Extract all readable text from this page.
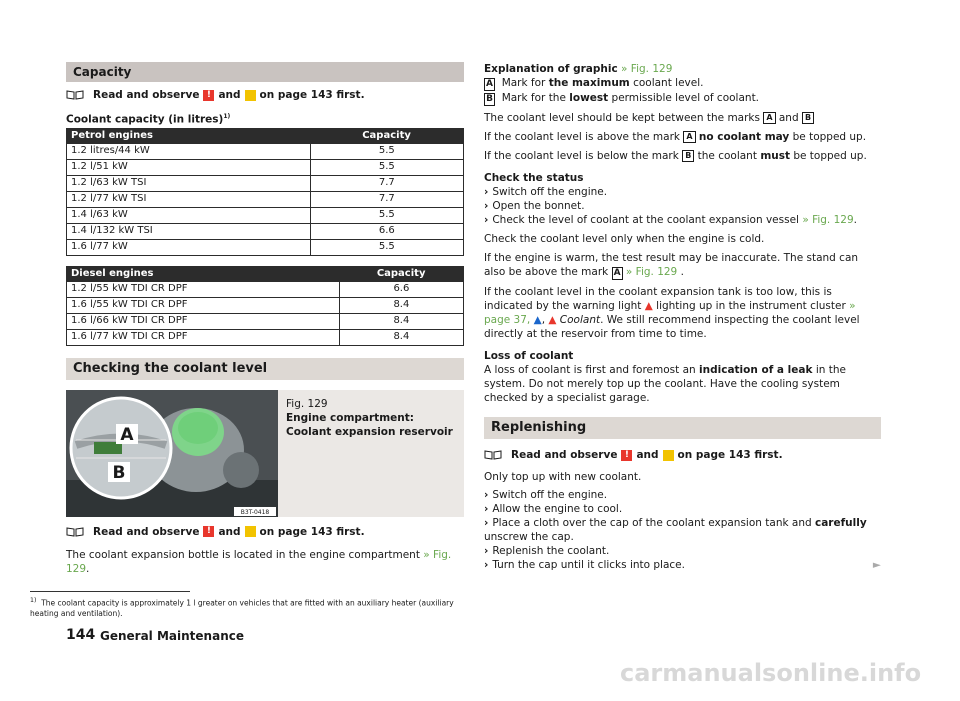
Capacity
Read and observe ! and on page 143 first.
Coolant capacity (in litres)$^{1)}$
Petrol engines	Capacity
1.2 litres/44 kW	5.5
1.2 l/51 kW	5.5
1.2 l/63 kW TSI	7.7
1.2 l/77 kW TSI	7.7
1.4 l/63 kW	5.5
1.4 l/132 kW TSI	6.6
1.6 l/77 kW	5.5
Diesel engines	Capacity
1.2 l/55 kW TDI CR DPF	6.6
1.6 l/55 kW TDI CR DPF	8.4
1.6 l/66 kW TDI CR DPF	8.4
1.6 l/77 kW TDI CR DPF	8.4
Checking the coolant level
A
B
B3T-0418
Fig. 129
Engine compartment: Coolant expansion reservoir
Read and observe ! and on page 143 first.

The coolant expansion bottle is located in the engine compartment » Fig. 129.

Explanation of graphic » Fig. 129

A Mark for the maximum coolant level.

B Mark for the lowest permissible level of coolant.

The coolant level should be kept between the marks A and B

If the coolant level is above the mark A no coolant may be topped up.

If the coolant level is below the mark B the coolant must be topped up.

Check the status

› Switch off the engine.

› Open the bonnet.

› Check the level of coolant at the coolant expansion vessel » Fig. 129.

Check the coolant level only when the engine is cold.

If the engine is warm, the test result may be inaccurate. The stand can also be above the mark A » Fig. 129 .

If the coolant level in the coolant expansion tank is too low, this is indicated by the warning light ▲ lighting up in the instrument cluster » page 37, ▲, ▲ Coolant. We still recommend inspecting the coolant level directly at the reservoir from time to time.

Loss of coolant

A loss of coolant is first and foremost an indication of a leak in the system. Do not merely top up the coolant. Have the cooling system checked by a specialist garage.

Replenishing
Read and observe ! and on page 143 first.

Only top up with new coolant.

› Switch off the engine.

› Allow the engine to cool.

› Place a cloth over the cap of the coolant expansion tank and carefully unscrew the cap.

› Replenish the coolant.

› Turn the cap until it clicks into place.	►

$^{1)}$ The coolant capacity is approximately 1 l greater on vehicles that are fitted with an auxiliary heater (auxiliary heating and ventilation).
144 General Maintenance
carmanualsonline.info
